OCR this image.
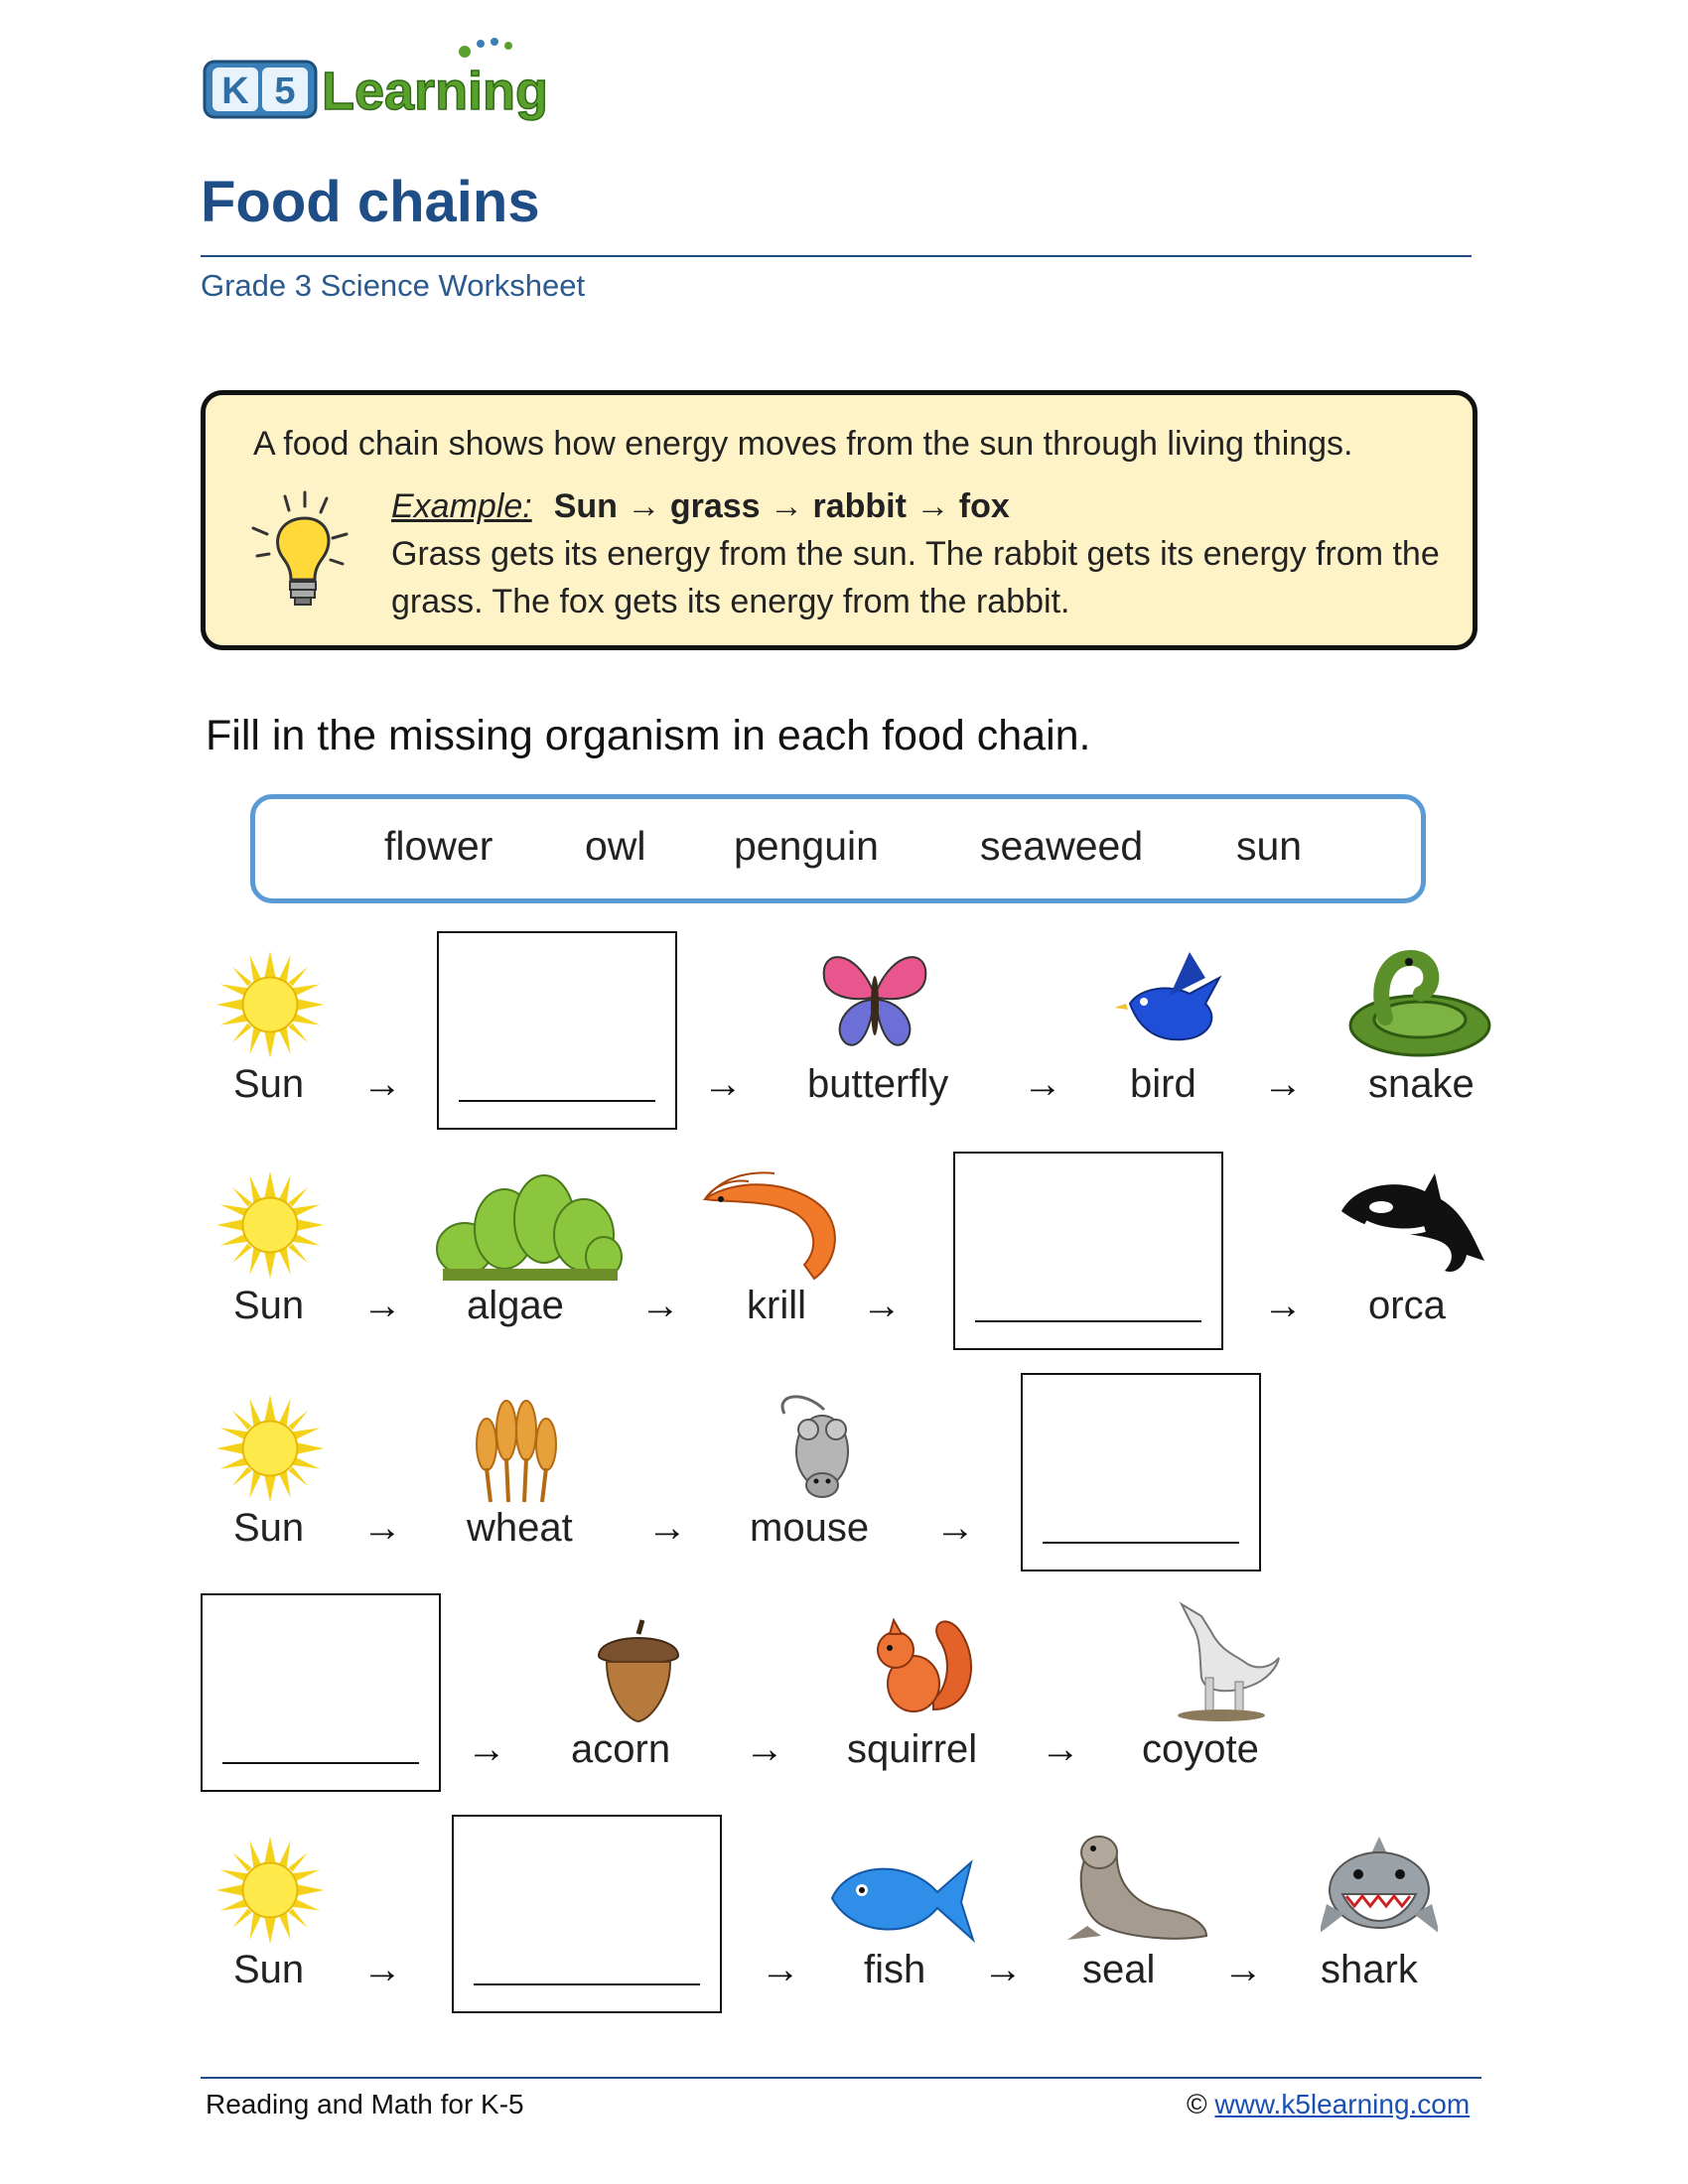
K 5 Learning
Food chains
Grade 3 Science Worksheet
A food chain shows how energy moves from the sun through living things.
Example: Sun → grass → rabbit → fox
Grass gets its energy from the sun. The rabbit gets its energy from the grass. The fox gets its energy from the rabbit.
Fill in the missing organism in each food chain.
flower owl penguin seaweed sun
Sun →	→ butterfly → bird → snake
Sun → algae → krill →	→ orca
Sun → wheat → mouse →
→ acorn → squirrel → coyote
Sun →	→ fish → seal → shark
Reading and Math for K-5	© www.k5learning.com
